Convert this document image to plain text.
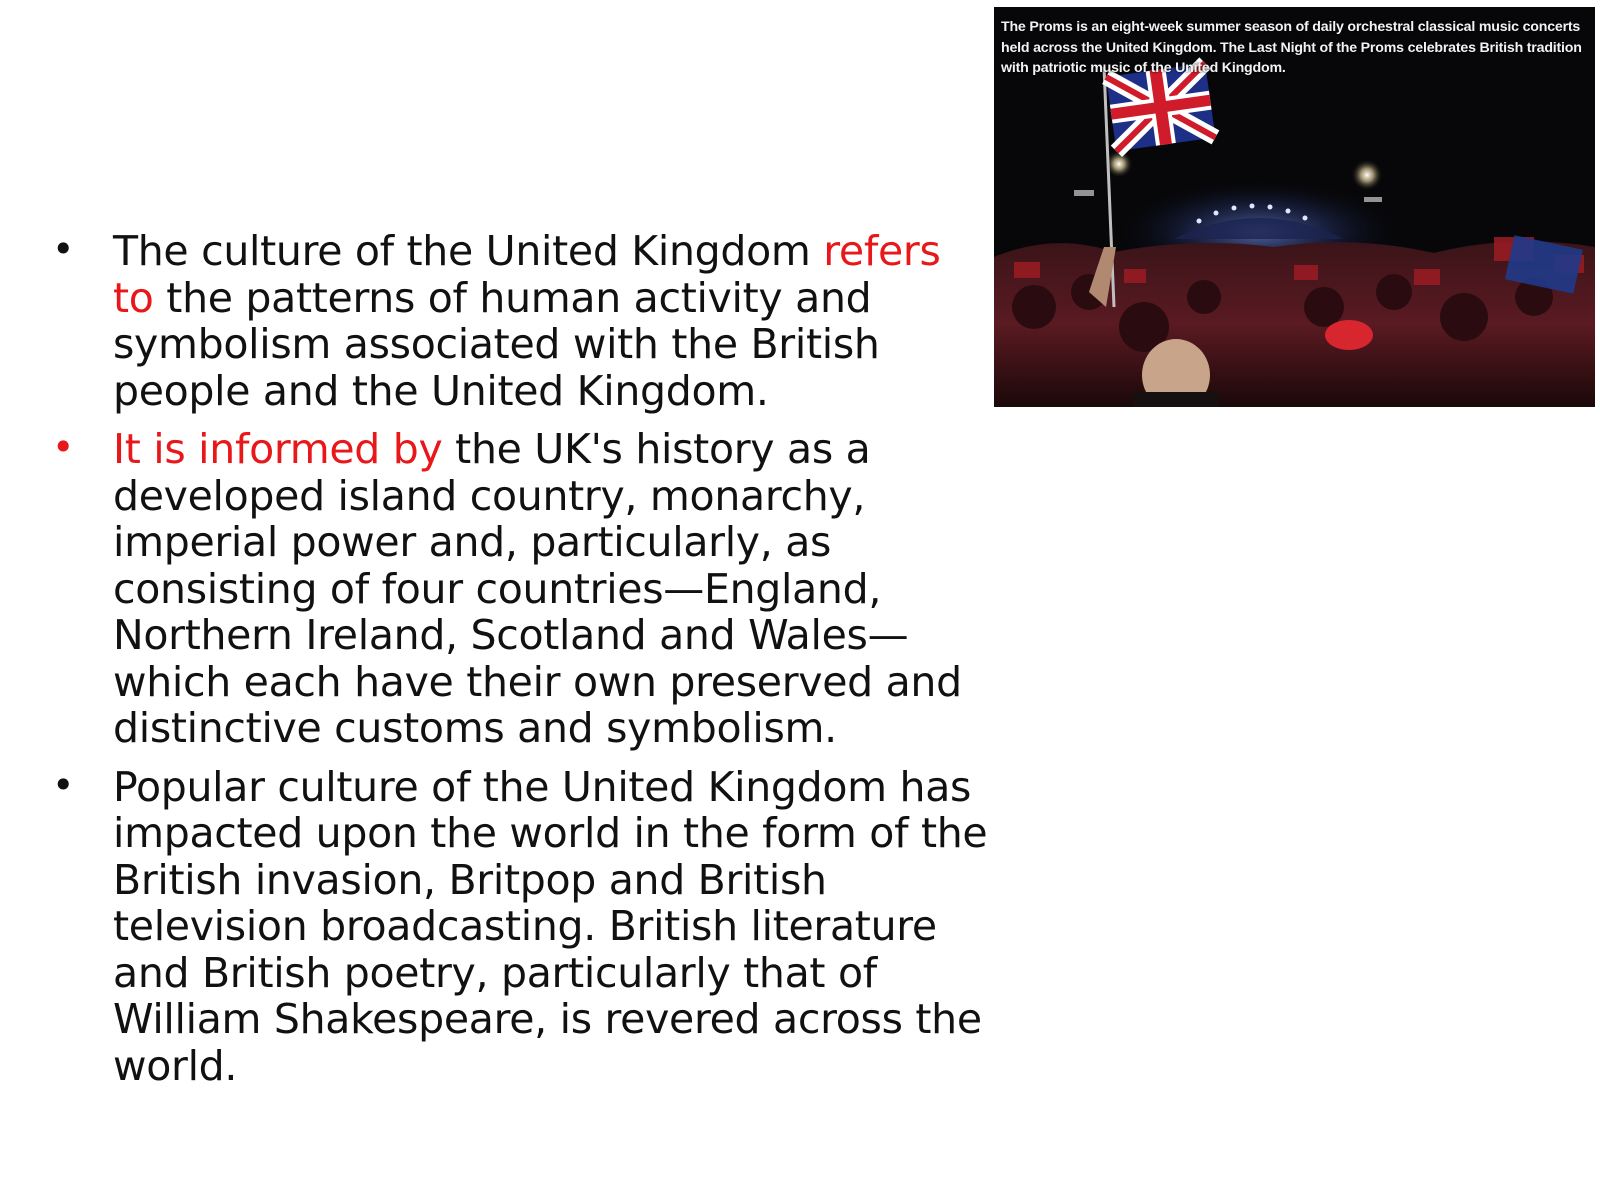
• The culture of the United Kingdom refers to the patterns of human activity and symbolism associated with the British people and the United Kingdom.
• It is informed by the UK's history as a developed island country, monarchy, imperial power and, particularly, as consisting of four countries—England, Northern Ireland, Scotland and Wales—which each have their own preserved and distinctive customs and symbolism.
• Popular culture of the United Kingdom has impacted upon the world in the form of the British invasion, Britpop and British television broadcasting. British literature and British poetry, particularly that of William Shakespeare, is revered across the world.
The Proms is an eight-week summer season of daily orchestral classical music concerts held across the United Kingdom. The Last Night of the Proms celebrates British tradition with patriotic music of the United Kingdom.
